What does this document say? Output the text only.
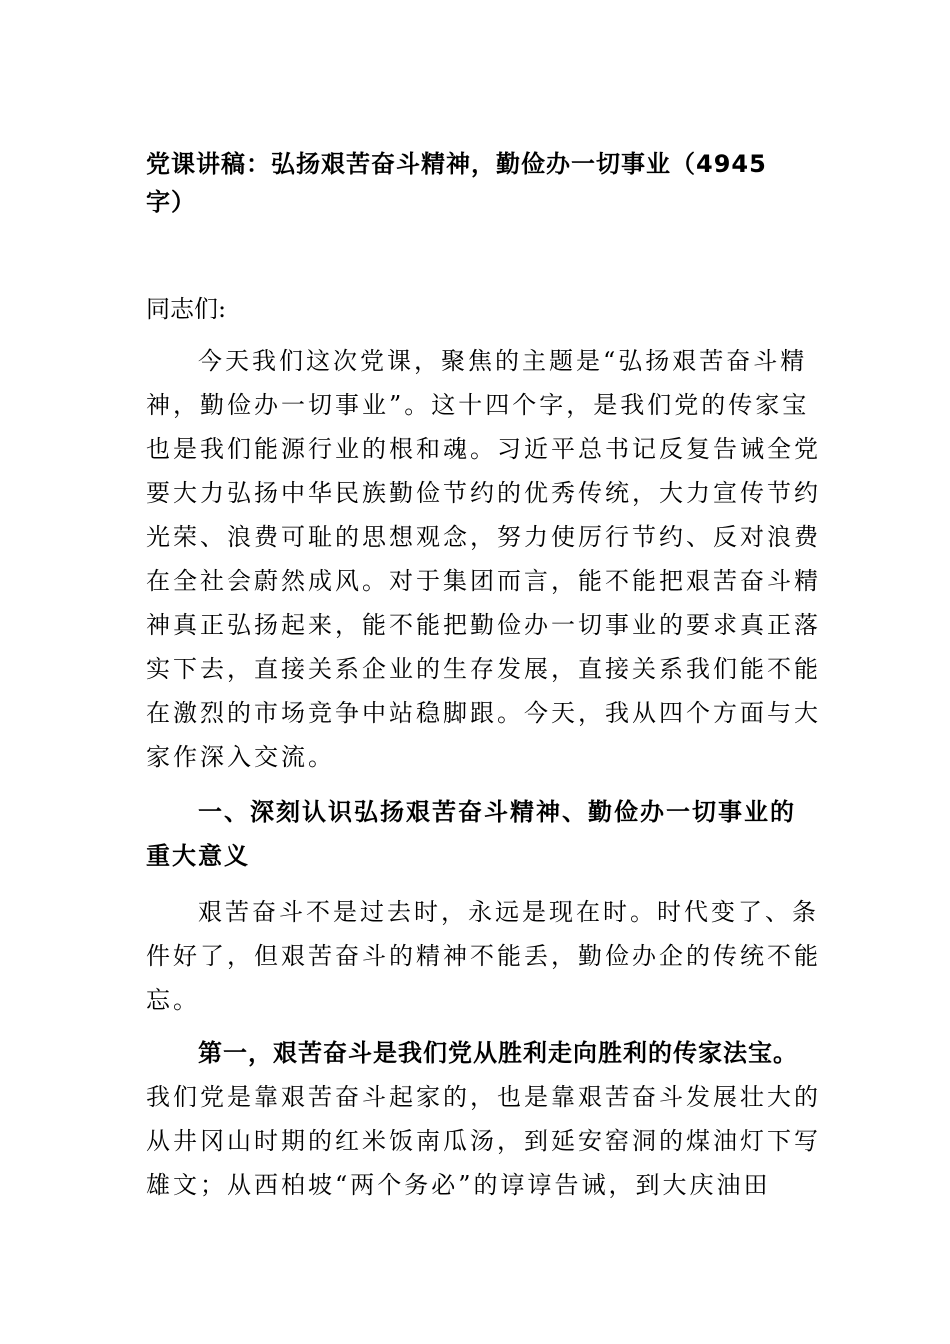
党课讲稿：弘扬艰苦奋斗精神，勤俭办一切事业（4945
字）

同志们:

今天我们这次党课，聚焦的主题是“弘扬艰苦奋斗精
神，勤俭办一切事业”。这十四个字，是我们党的传家宝
也是我们能源行业的根和魂。习近平总书记反复告诫全党
要大力弘扬中华民族勤俭节约的优秀传统，大力宣传节约
光荣、浪费可耻的思想观念，努力使厉行节约、反对浪费
在全社会蔚然成风。对于集团而言，能不能把艰苦奋斗精
神真正弘扬起来，能不能把勤俭办一切事业的要求真正落
实下去，直接关系企业的生存发展，直接关系我们能不能
在激烈的市场竞争中站稳脚跟。今天，我从四个方面与大
家作深入交流。
一、深刻认识弘扬艰苦奋斗精神、勤俭办一切事业的
重大意义
艰苦奋斗不是过去时，永远是现在时。时代变了、条
件好了，但艰苦奋斗的精神不能丢，勤俭办企的传统不能
忘。
第一，艰苦奋斗是我们党从胜利走向胜利的传家法宝。
我们党是靠艰苦奋斗起家的，也是靠艰苦奋斗发展壮大的
从井冈山时期的红米饭南瓜汤，到延安窑洞的煤油灯下写
雄文；从西柏坡“两个务必”的谆谆告诫，到大庆油田
